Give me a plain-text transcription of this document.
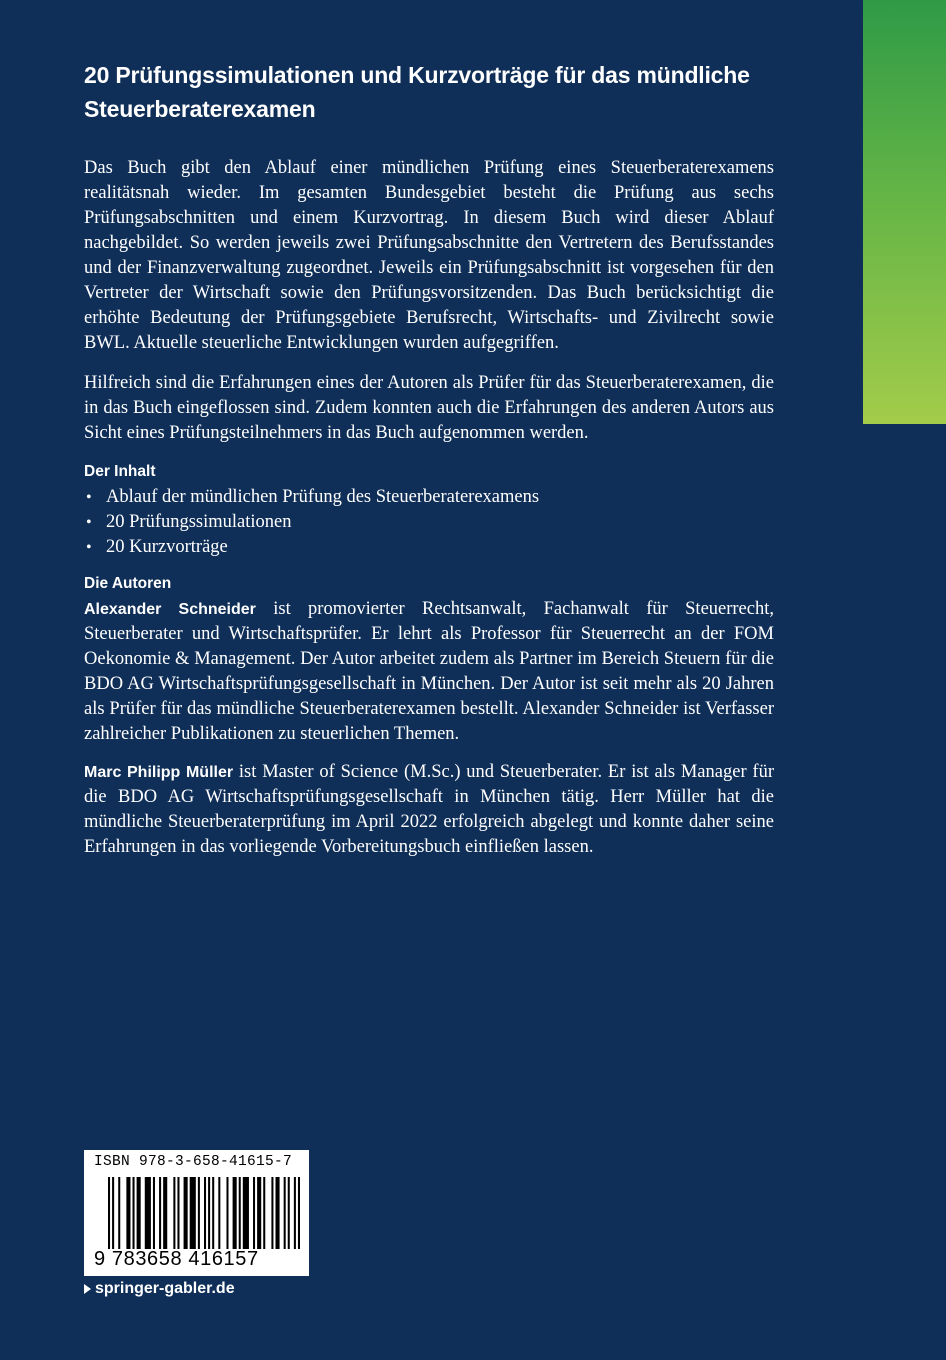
20 Prüfungssimulationen und Kurzvorträge für das mündliche Steuerberaterexamen

Das Buch gibt den Ablauf einer mündlichen Prüfung eines Steuerberaterexamens realitätsnah wieder. Im gesamten Bundesgebiet besteht die Prüfung aus sechs Prüfungsabschnitten und einem Kurzvortrag. In diesem Buch wird dieser Ablauf nachgebildet. So werden jeweils zwei Prüfungsabschnitte den Vertretern des Berufsstandes und der Finanzverwaltung zugeordnet. Jeweils ein Prüfungsabschnitt ist vorgesehen für den Vertreter der Wirtschaft sowie den Prüfungsvorsitzenden. Das Buch berücksichtigt die erhöhte Bedeutung der Prüfungsgebiete Berufsrecht, Wirtschafts- und Zivilrecht sowie BWL. Aktuelle steuerliche Entwicklungen wurden aufgegriffen.

Hilfreich sind die Erfahrungen eines der Autoren als Prüfer für das Steuerberaterexamen, die in das Buch eingeflossen sind. Zudem konnten auch die Erfahrungen des anderen Autors aus Sicht eines Prüfungsteilnehmers in das Buch aufgenommen werden.

Der Inhalt
• Ablauf der mündlichen Prüfung des Steuerberaterexamens
• 20 Prüfungssimulationen
• 20 Kurzvorträge
Die Autoren

Alexander Schneider ist promovierter Rechtsanwalt, Fachanwalt für Steuerrecht, Steuerberater und Wirtschaftsprüfer. Er lehrt als Professor für Steuerrecht an der FOM Oekonomie & Management. Der Autor arbeitet zudem als Partner im Bereich Steuern für die BDO AG Wirtschaftsprüfungsgesellschaft in München. Der Autor ist seit mehr als 20 Jahren als Prüfer für das mündliche Steuerberaterexamen bestellt. Alexander Schneider ist Verfasser zahlreicher Publikationen zu steuerlichen Themen.

Marc Philipp Müller ist Master of Science (M.Sc.) und Steuerberater. Er ist als Manager für die BDO AG Wirtschaftsprüfungsgesellschaft in München tätig. Herr Müller hat die mündliche Steuerberaterprüfung im April 2022 erfolgreich abgelegt und konnte daher seine Erfahrungen in das vorliegende Vorbereitungsbuch einfließen lassen.

ISBN 978-3-658-41615-7
9 783658 416157
springer-gabler.de
